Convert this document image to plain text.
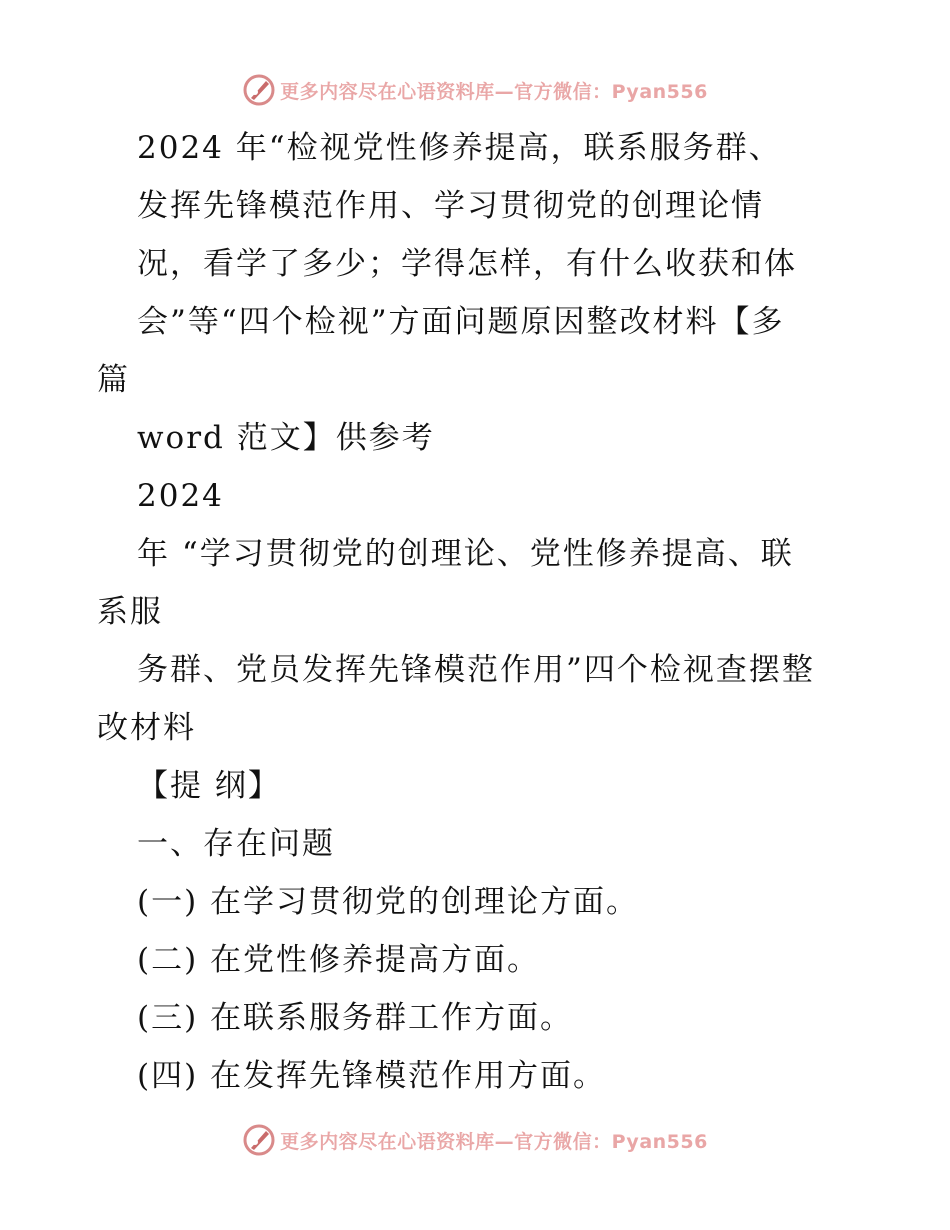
更多内容尽在心语资料库—官方微信：Pyan556
2024 年“检视党性修养提高，联系服务群、
发挥先锋模范作用、学习贯彻党的创理论情
况，看学了多少；学得怎样，有什么收获和体
会”等“四个检视”方面问题原因整改材料【多
篇
word 范文】供参考
2024
年 “学习贯彻党的创理论、党性修养提高、联
系服
务群、党员发挥先锋模范作用”四个检视查摆整
改材料
【提 纲】
一、存在问题
(一) 在学习贯彻党的创理论方面。
(二) 在党性修养提高方面。
(三) 在联系服务群工作方面。
(四) 在发挥先锋模范作用方面。
更多内容尽在心语资料库—官方微信：Pyan556
